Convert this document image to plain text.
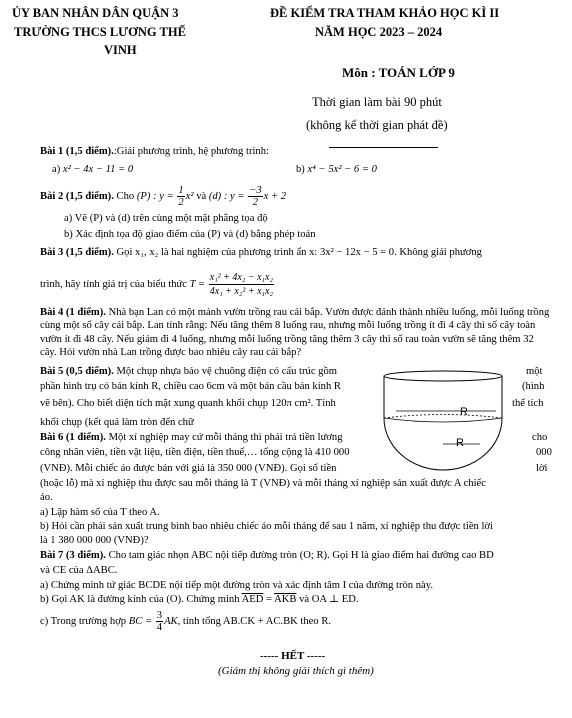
ỦY BAN NHÂN DÂN QUẬN 3
TRƯỜNG THCS LƯƠNG THẾ
VINH
ĐỀ KIỂM TRA THAM KHẢO HỌC KÌ II
NĂM HỌC 2023 – 2024
Môn : TOÁN LỚP 9
Thời gian làm bài 90 phút
(không kể thời gian phát đề)
Bài 1 (1,5 điểm).:Giải phương trình, hệ phương trình:
a) x² − 4x − 11 = 0	b) x⁴ − 5x² − 6 = 0
Bài 2 (1,5 điểm). Cho (P) : $y = \frac{1}{2} x^2$ và (d) : $y = \frac{-3}{2}$ x + 2
a) Vẽ (P) và (d) trên cùng một mặt phẳng tọa độ
b) Xác định tọa độ giao điểm của (P) và (d) bằng phép toán
Bài 3 (1,5 điểm). Gọi x₁, x₂ là hai nghiệm của phương trình ẩn x: 3x² − 12x − 5 = 0. Không giải phương
trình, hãy tính giá trị của biểu thức $T = \frac{\text{x₁² + 4x₂ − x₁x₂}}{\text{4x₁ + x₂² + x₁x₂}}$
Bài 4 (1 điểm). Nhà bạn Lan có một mảnh vườn trồng rau cải bắp. Vườn được đánh thành nhiều luống, mỗi luống trồng cùng một số cây cải bắp. Lan tính rằng: Nếu tăng thêm 8 luống rau, nhưng mỗi luống trồng ít đi 4 cây thì số cây toàn vườn ít đi 48 cây. Nếu giảm đi 4 luống, nhưng mỗi luống trồng tăng thêm 3 cây thì số rau toàn vườn sẽ tăng thêm 32 cây. Hỏi vườn nhà Lan trồng được bao nhiêu cây rau cải bắp?
Bài 5 (0,5 điểm). Một chụp nhựa bảo vệ chuông điện có cấu trúc gồm	một
phần hình trụ có bán kính R, chiều cao 6cm và một bán cầu bán kính R	(hình
vẽ bên). Cho biết diện tích mặt xung quanh khối chụp 120π cm². Tính	thể tích
khối chụp (kết quả làm tròn đến chữ
R
R
Bài 6 (1 điểm). Một xí nghiệp may cứ mỗi tháng thì phải trả tiền lương	cho
công nhân viên, tiền vật liệu, tiền điện, tiền thuế,… tổng cộng là 410 000	000
(VNĐ). Mỗi chiếc áo được bán với giá là 350 000 (VNĐ). Gọi số tiền	lời
(hoặc lỗ) mà xí nghiệp thu được sau mỗi tháng là T (VNĐ) và mỗi tháng xí nghiệp sản xuất được A chiếc
áo.
a) Lập hàm số của T theo A.
b) Hỏi cần phải sản xuất trung bình bao nhiêu chiếc áo mỗi tháng để sau 1 năm, xí nghiệp thu được tiền lời
là 1 380 000 000 (VNĐ)?
Bài 7 (3 điểm). Cho tam giác nhọn ABC nội tiếp đường tròn (O; R). Gọi H là giao điểm hai đường cao BD
và CE của ΔABC.
a) Chứng minh tứ giác BCDE nội tiếp một đường tròn và xác định tâm I của đường tròn này.
b) Gọi AK là đường kính của (O). Chứng minh $\overline{AED} = \overline{AKB}$ và OA ⊥ ED.
c) Trong trường hợp BC = $\frac{3}{4}$ AK, tính tổng AB.CK + AC.BK theo R.
----- HẾT -----
(Giám thị không giải thích gì thêm)
